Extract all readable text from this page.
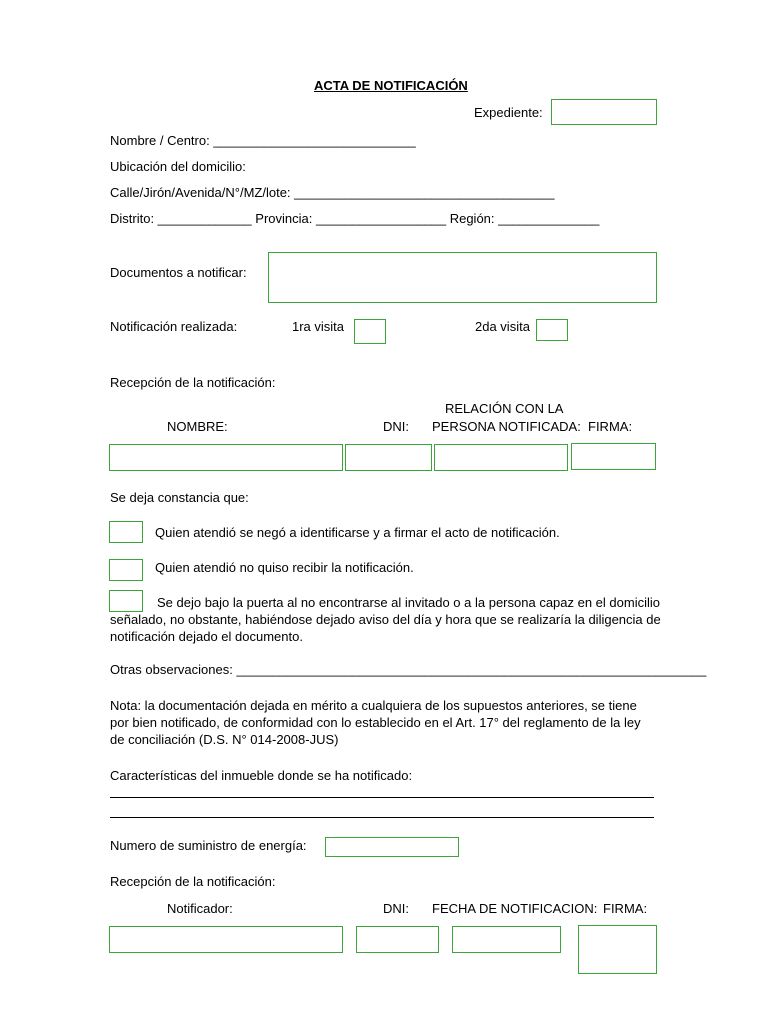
ACTA DE NOTIFICACIÓN
Expediente:
Nombre / Centro: ____________________________
Ubicación del domicilio:
Calle/Jirón/Avenida/N°/MZ/lote: ____________________________________
Distrito: _____________ Provincia: __________________ Región: ______________
Documentos a notificar:
Notificación realizada:	1ra visita	2da visita
Recepción de la notificación:
RELACIÓN CON LA
NOMBRE:	DNI: PERSONA NOTIFICADA: FIRMA:
Se deja constancia que:
Quien atendió se negó a identificarse y a firmar el acto de notificación.
Quien atendió no quiso recibir la notificación.
Se dejo bajo la puerta al no encontrarse al invitado o a la persona capaz en el domicilio
señalado, no obstante, habiéndose dejado aviso del día y hora que se realizaría la diligencia de
notificación dejado el documento.
Otras observaciones: _________________________________________________________________
Nota: la documentación dejada en mérito a cualquiera de los supuestos anteriores, se tiene
por bien notificado, de conformidad con lo establecido en el Art. 17° del reglamento de la ley
de conciliación (D.S. N° 014-2008-JUS)
Características del inmueble donde se ha notificado:
Numero de suministro de energía:
Recepción de la notificación:
Notificador:	DNI: FECHA DE NOTIFICACION: FIRMA:
